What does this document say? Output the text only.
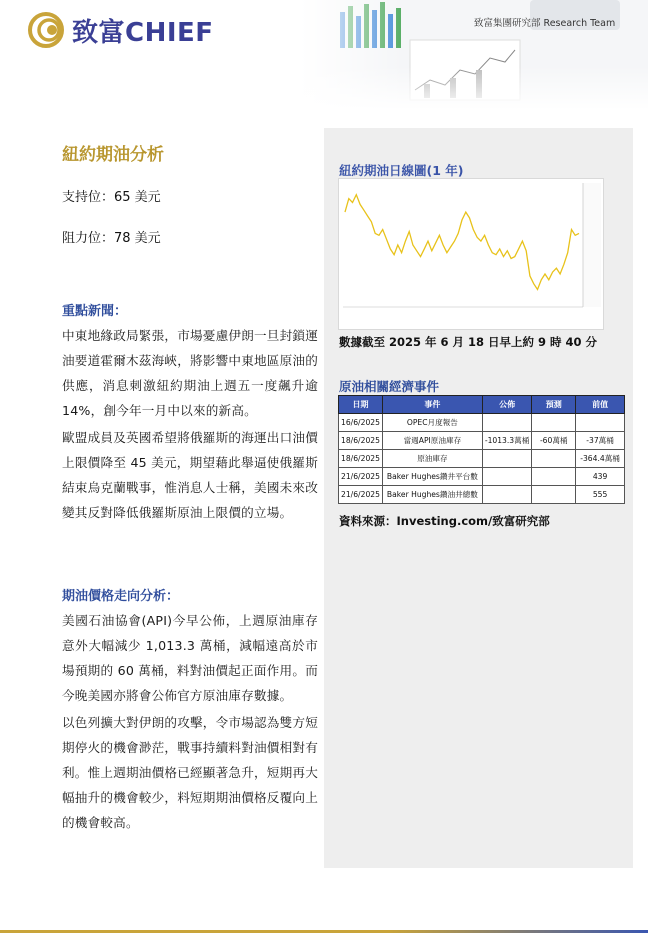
致富CHIEF	致富集團研究部 Research Team
紐約期油分析
支持位：65 美元
阻力位：78 美元
重點新聞：
中東地緣政局緊張，市場憂慮伊朗一旦封鎖運油要道霍爾木茲海峽，將影響中東地區原油的供應，消息刺激紐約期油上週五一度飆升逾 14%，創今年一月中以來的新高。
歐盟成員及英國希望將俄羅斯的海運出口油價上限價降至 45 美元，期望藉此舉逼使俄羅斯結束烏克蘭戰事，惟消息人士稱，美國未來改變其反對降低俄羅斯原油上限價的立場。
期油價格走向分析：
美國石油協會(API)今早公佈，上週原油庫存意外大幅減少 1,013.3 萬桶，減幅遠高於市場預期的 60 萬桶，料對油價起正面作用。而今晚美國亦將會公佈官方原油庫存數據。
以色列擴大對伊朗的攻擊，令市場認為雙方短期停火的機會渺茫，戰事持續料對油價相對有利。惟上週期油價格已經顯著急升，短期再大幅抽升的機會較少，料短期期油價格反覆向上的機會較高。
紐約期油日線圖(1 年)
數據截至 2025 年 6 月 18 日早上約 9 時 40 分
原油相關經濟事件
日期	事件	公佈	預測	前值
16/6/2025	OPEC月度報告			
18/6/2025	當週API原油庫存	-1013.3萬桶	-60萬桶	-37萬桶
18/6/2025	原油庫存			-364.4萬桶
21/6/2025	Baker Hughes鑽井平台數			439
21/6/2025	Baker Hughes鑽油井總數			555
資料來源：Investing.com/致富研究部
